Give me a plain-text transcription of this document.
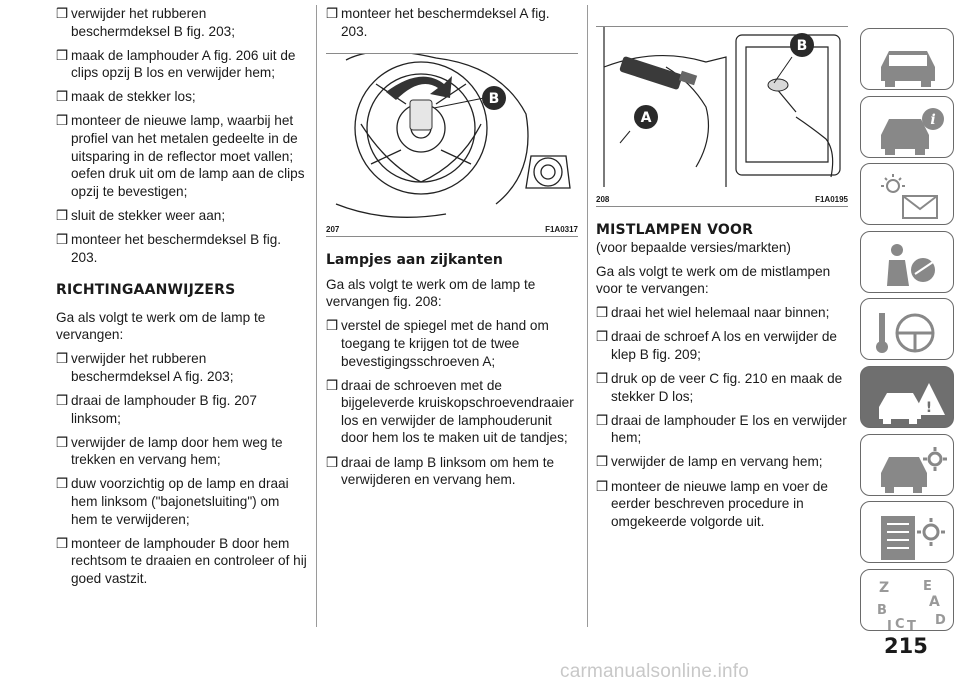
❒ verwijder het rubberen beschermdeksel B fig. 203;
❒ maak de lamphouder A fig. 206 uit de clips opzij B los en verwijder hem;
❒ maak de stekker los;
❒ monteer de nieuwe lamp, waarbij het profiel van het metalen gedeelte in de uitsparing in de reflector moet vallen; oefen druk uit om de lamp aan de clips opzij te bevestigen;
❒ sluit de stekker weer aan;
❒ monteer het beschermdeksel B fig. 203.
RICHTINGAANWIJZERS
Ga als volgt te werk om de lamp te vervangen:
❒ verwijder het rubberen beschermdeksel A fig. 203;
❒ draai de lamphouder B fig. 207 linksom;
❒ verwijder de lamp door hem weg te trekken en vervang hem;
❒ duw voorzichtig op de lamp en draai hem linksom ("bajonetsluiting") om hem te verwijderen;
❒ monteer de lamphouder B door hem rechtsom te draaien en controleer of hij goed vastzit.
❒ monteer het beschermdeksel A fig. 203.
B
207	F1A0317
Lampjes aan zijkanten
Ga als volgt te werk om de lamp te vervangen fig. 208:
❒ verstel de spiegel met de hand om toegang te krijgen tot de twee bevestigingsschroeven A;
❒ draai de schroeven met de bijgeleverde kruiskopschroevendraaier los en verwijder de lamphouderunit door hem los te maken uit de tandjes;
❒ draai de lamp B linksom om hem te verwijderen en vervang hem.
A
B
208	F1A0195
MISTLAMPEN VOOR
(voor bepaalde versies/markten)
Ga als volgt te werk om de mistlampen voor te vervangen:
❒ draai het wiel helemaal naar binnen;
❒ draai de schroef A los en verwijder de klep B fig. 209;
❒ druk op de veer C fig. 210 en maak de stekker D los;
❒ draai de lamphouder E los en verwijder hem;
❒ verwijder de lamp en vervang hem;
❒ monteer de nieuwe lamp en voer de eerder beschreven procedure in omgekeerde volgorde uit.
i
!
Z	E
A
B
C D
I T
215
carmanualsonline.info
